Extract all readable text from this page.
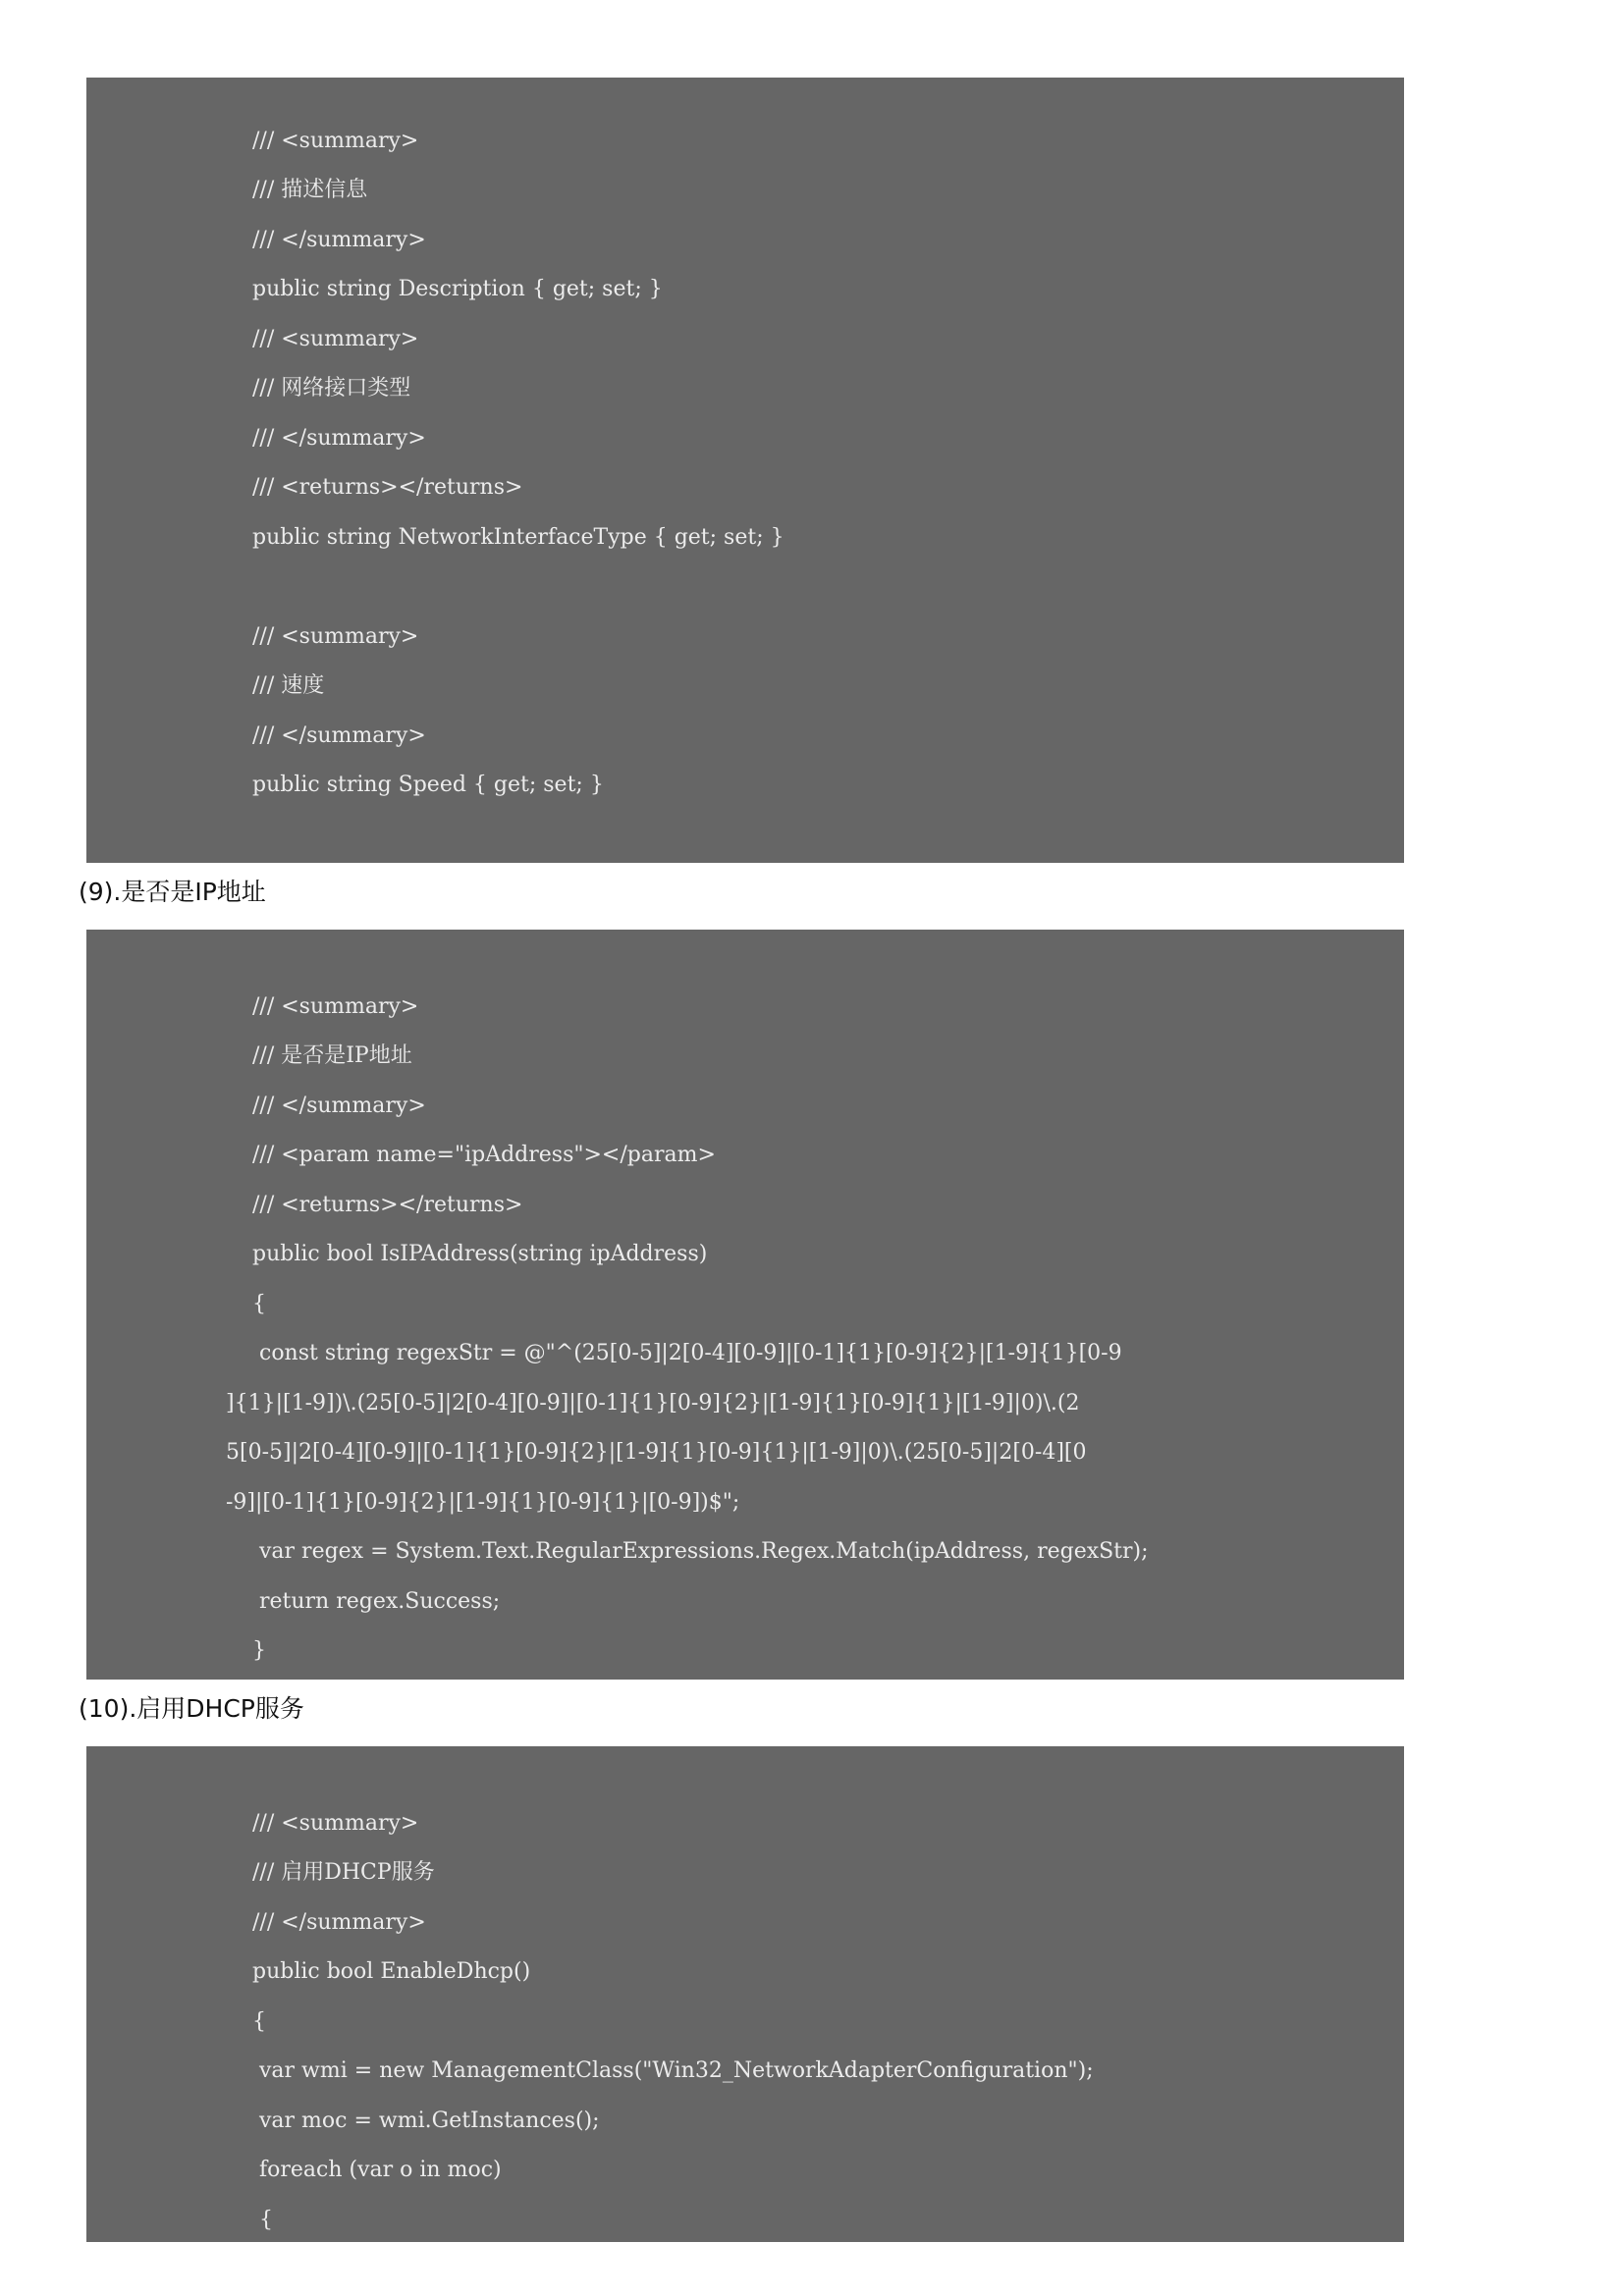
/// <summary>
/// 描述信息
/// </summary>
public string Description { get; set; }
/// <summary>
/// 网络接口类型
/// </summary>
/// <returns></returns>
public string NetworkInterfaceType { get; set; }
/// <summary>
/// 速度
/// </summary>
public string Speed { get; set; }
(9).是否是IP地址
/// <summary>
/// 是否是IP地址
/// </summary>
/// <param name="ipAddress"></param>
/// <returns></returns>
public bool IsIPAddress(string ipAddress)
{
const string regexStr = @"^(25[0-5]|2[0-4][0-9]|[0-1]{1}[0-9]{2}|[1-9]{1}[0-9
]{1}|[1-9])\.(25[0-5]|2[0-4][0-9]|[0-1]{1}[0-9]{2}|[1-9]{1}[0-9]{1}|[1-9]|0)\.(2
5[0-5]|2[0-4][0-9]|[0-1]{1}[0-9]{2}|[1-9]{1}[0-9]{1}|[1-9]|0)\.(25[0-5]|2[0-4][0
-9]|[0-1]{1}[0-9]{2}|[1-9]{1}[0-9]{1}|[0-9])$";
var regex = System.Text.RegularExpressions.Regex.Match(ipAddress, regexStr);
return regex.Success;
}
(10).启用DHCP服务
/// <summary>
/// 启用DHCP服务
/// </summary>
public bool EnableDhcp()
{
var wmi = new ManagementClass("Win32_NetworkAdapterConfiguration");
var moc = wmi.GetInstances();
foreach (var o in moc)
{
